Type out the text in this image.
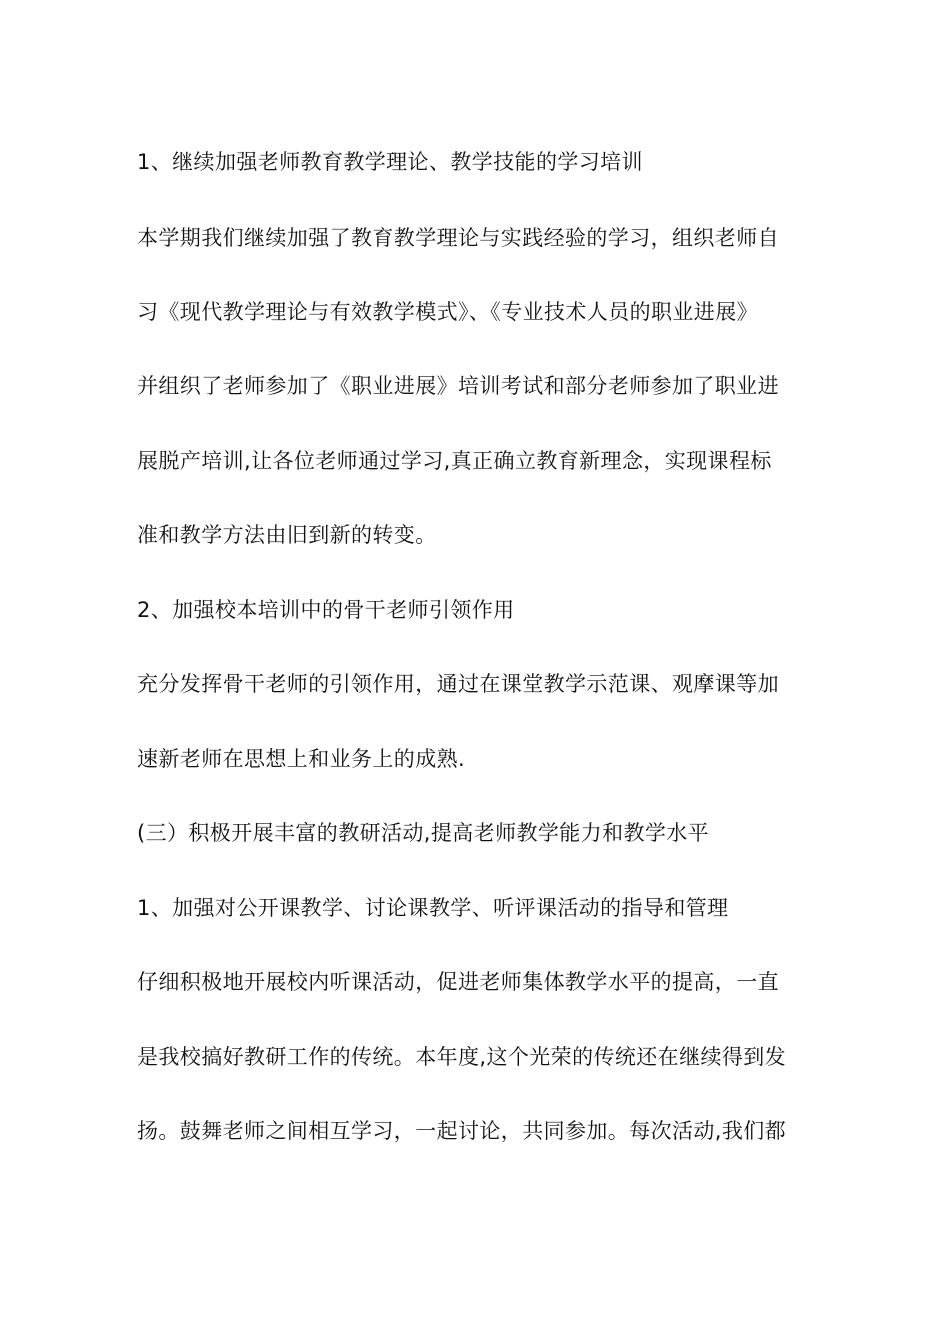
1、继续加强老师教育教学理论、教学技能的学习培训
本学期我们继续加强了教育教学理论与实践经验的学习，组织老师自
习《现代教学理论与有效教学模式》、《专业技术人员的职业进展》
并组织了老师参加了《职业进展》培训考试和部分老师参加了职业进
展脱产培训,让各位老师通过学习,真正确立教育新理念，实现课程标
准和教学方法由旧到新的转变。
2、加强校本培训中的骨干老师引领作用
充分发挥骨干老师的引领作用，通过在课堂教学示范课、观摩课等加
速新老师在思想上和业务上的成熟.
(三）积极开展丰富的教研活动,提高老师教学能力和教学水平
1、加强对公开课教学、讨论课教学、听评课活动的指导和管理
仔细积极地开展校内听课活动，促进老师集体教学水平的提高，一直
是我校搞好教研工作的传统。本年度,这个光荣的传统还在继续得到发
扬。鼓舞老师之间相互学习，一起讨论，共同参加。每次活动,我们都
